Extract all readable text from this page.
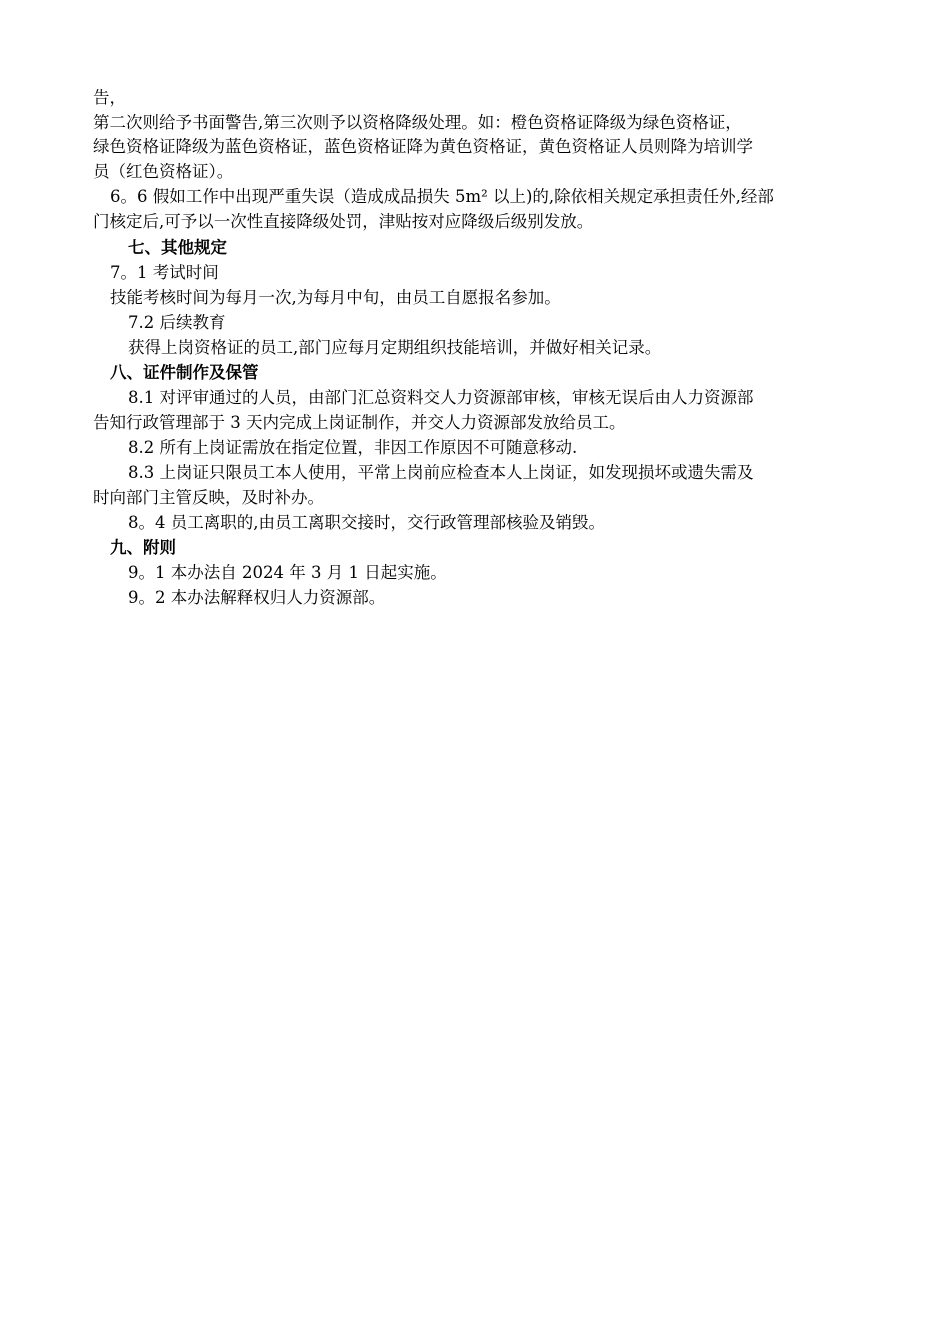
告，
第二次则给予书面警告,第三次则予以资格降级处理。如：橙色资格证降级为绿色资格证，
绿色资格证降级为蓝色资格证，蓝色资格证降为黄色资格证，黄色资格证人员则降为培训学
员（红色资格证）。
6。6 假如工作中出现严重失误（造成成品损失 5m² 以上)的,除依相关规定承担责任外,经部
门核定后,可予以一次性直接降级处罚，津贴按对应降级后级别发放。
七、其他规定
7。1 考试时间
技能考核时间为每月一次,为每月中旬，由员工自愿报名参加。
7.2 后续教育
获得上岗资格证的员工,部门应每月定期组织技能培训，并做好相关记录。
八、证件制作及保管
8.1 对评审通过的人员，由部门汇总资料交人力资源部审核，审核无误后由人力资源部
告知行政管理部于 3 天内完成上岗证制作，并交人力资源部发放给员工。
8.2 所有上岗证需放在指定位置，非因工作原因不可随意移动.
8.3 上岗证只限员工本人使用，平常上岗前应检查本人上岗证，如发现损坏或遗失需及
时向部门主管反映，及时补办。
8。4 员工离职的,由员工离职交接时，交行政管理部核验及销毁。
九、附则
9。1 本办法自 2024 年 3 月 1 日起实施。
9。2 本办法解释权归人力资源部。
